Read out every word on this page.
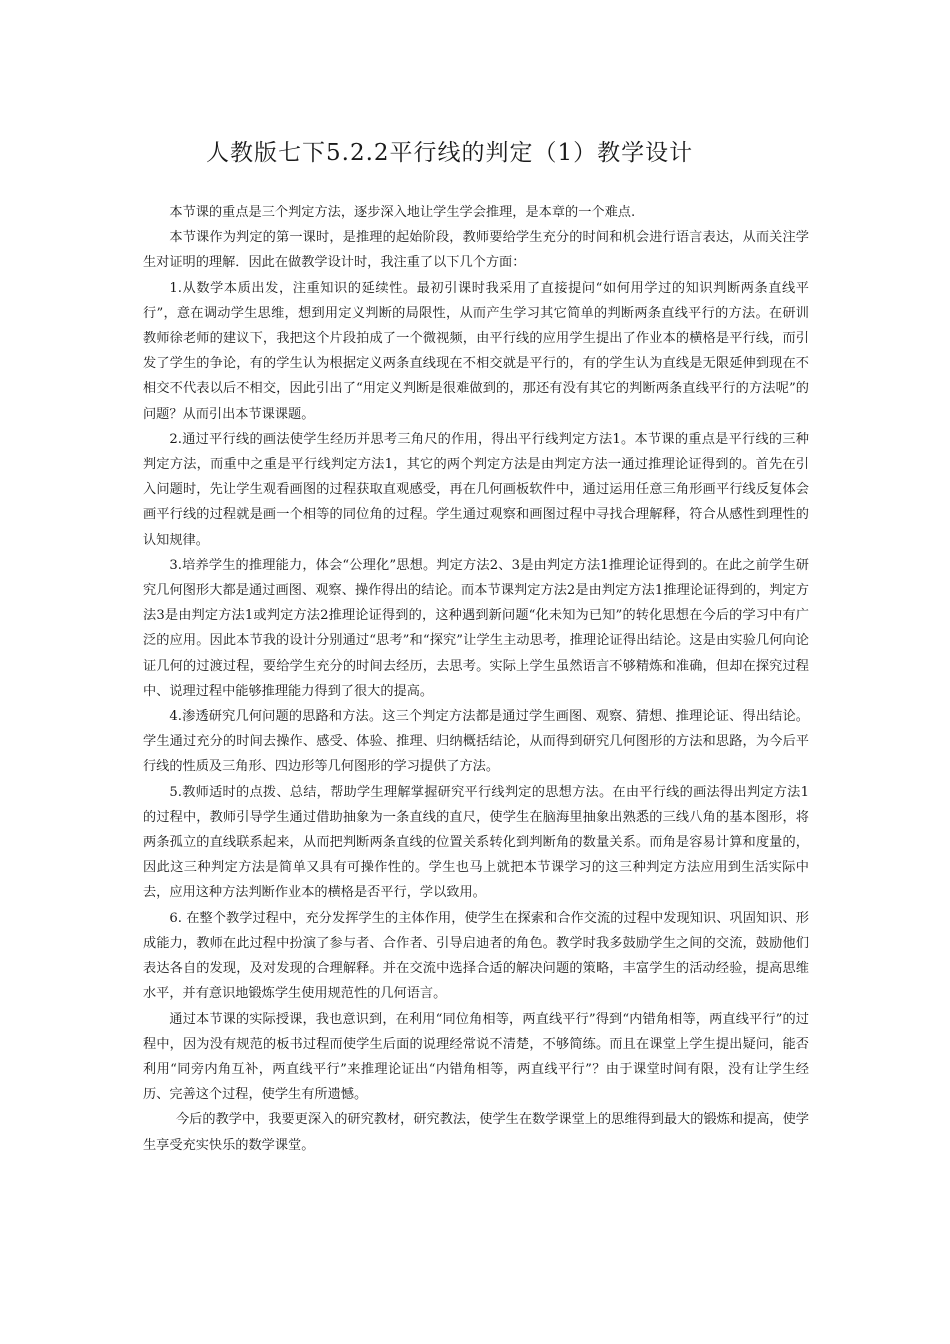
人教版七下5.2.2平行线的判定（1）教学设计

本节课的重点是三个判定方法，逐步深入地让学生学会推理，是本章的一个难点.

本节课作为判定的第一课时，是推理的起始阶段，教师要给学生充分的时间和机会进行语言表达，从而关注学生对证明的理解．因此在做教学设计时，我注重了以下几个方面：

1.从数学本质出发，注重知识的延续性。最初引课时我采用了直接提问“如何用学过的知识判断两条直线平行”，意在调动学生思维，想到用定义判断的局限性，从而产生学习其它简单的判断两条直线平行的方法。在研训教师徐老师的建议下，我把这个片段拍成了一个微视频，由平行线的应用学生提出了作业本的横格是平行线，而引发了学生的争论，有的学生认为根据定义两条直线现在不相交就是平行的，有的学生认为直线是无限延伸到现在不相交不代表以后不相交，因此引出了“用定义判断是很难做到的，那还有没有其它的判断两条直线平行的方法呢”的问题？从而引出本节课课题。

2.通过平行线的画法使学生经历并思考三角尺的作用，得出平行线判定方法1。本节课的重点是平行线的三种判定方法，而重中之重是平行线判定方法1，其它的两个判定方法是由判定方法一通过推理论证得到的。首先在引入问题时，先让学生观看画图的过程获取直观感受，再在几何画板软件中，通过运用任意三角形画平行线反复体会画平行线的过程就是画一个相等的同位角的过程。学生通过观察和画图过程中寻找合理解释，符合从感性到理性的认知规律。

3.培养学生的推理能力，体会“公理化”思想。判定方法2、3是由判定方法1推理论证得到的。在此之前学生研究几何图形大都是通过画图、观察、操作得出的结论。而本节课判定方法2是由判定方法1推理论证得到的，判定方法3是由判定方法1或判定方法2推理论证得到的，这种遇到新问题“化未知为已知”的转化思想在今后的学习中有广泛的应用。因此本节我的设计分别通过“思考”和“探究”让学生主动思考，推理论证得出结论。这是由实验几何向论证几何的过渡过程，要给学生充分的时间去经历，去思考。实际上学生虽然语言不够精炼和准确，但却在探究过程中、说理过程中能够推理能力得到了很大的提高。

4.渗透研究几何问题的思路和方法。这三个判定方法都是通过学生画图、观察、猜想、推理论证、得出结论。学生通过充分的时间去操作、感受、体验、推理、归纳概括结论，从而得到研究几何图形的方法和思路，为今后平行线的性质及三角形、四边形等几何图形的学习提供了方法。

5.教师适时的点拨、总结，帮助学生理解掌握研究平行线判定的思想方法。在由平行线的画法得出判定方法1的过程中，教师引导学生通过借助抽象为一条直线的直尺，使学生在脑海里抽象出熟悉的三线八角的基本图形，将两条孤立的直线联系起来，从而把判断两条直线的位置关系转化到判断角的数量关系。而角是容易计算和度量的，因此这三种判定方法是简单又具有可操作性的。学生也马上就把本节课学习的这三种判定方法应用到生活实际中去，应用这种方法判断作业本的横格是否平行，学以致用。

6. 在整个教学过程中，充分发挥学生的主体作用，使学生在探索和合作交流的过程中发现知识、巩固知识、形成能力，教师在此过程中扮演了参与者、合作者、引导启迪者的角色。教学时我多鼓励学生之间的交流，鼓励他们表达各自的发现，及对发现的合理解释。并在交流中选择合适的解决问题的策略，丰富学生的活动经验，提高思维水平，并有意识地锻炼学生使用规范性的几何语言。

通过本节课的实际授课，我也意识到，在利用“同位角相等，两直线平行”得到“内错角相等，两直线平行”的过程中，因为没有规范的板书过程而使学生后面的说理经常说不清楚，不够简练。而且在课堂上学生提出疑问，能否利用“同旁内角互补，两直线平行”来推理论证出“内错角相等，两直线平行”？由于课堂时间有限，没有让学生经历、完善这个过程，使学生有所遗憾。

今后的教学中，我要更深入的研究教材，研究教法，使学生在数学课堂上的思维得到最大的锻炼和提高，使学生享受充实快乐的数学课堂。
